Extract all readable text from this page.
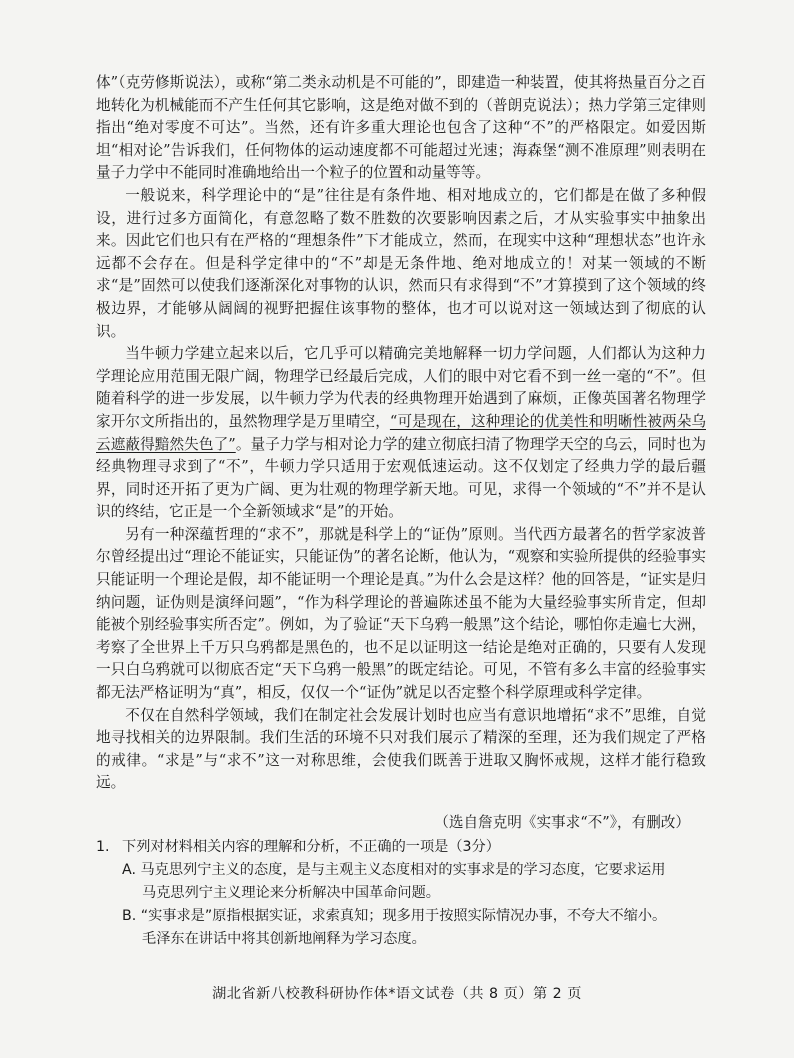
体”（克劳修斯说法），或称“第二类永动机是不可能的”，即建造一种装置，使其将热量百分之百地转化为机械能而不产生任何其它影响，这是绝对做不到的（普朗克说法）；热力学第三定律则指出“绝对零度不可达”。当然，还有许多重大理论也包含了这种“不”的严格限定。如爱因斯坦“相对论”告诉我们，任何物体的运动速度都不可能超过光速；海森堡“测不准原理”则表明在量子力学中不能同时准确地给出一个粒子的位置和动量等等。

一般说来，科学理论中的“是”往往是有条件地、相对地成立的，它们都是在做了多种假设，进行过多方面简化，有意忽略了数不胜数的次要影响因素之后，才从实验事实中抽象出来。因此它们也只有在严格的“理想条件”下才能成立，然而，在现实中这种“理想状态”也许永远都不会存在。但是科学定律中的“不”却是无条件地、绝对地成立的！对某一领域的不断求“是”固然可以使我们逐渐深化对事物的认识，然而只有求得到“不”才算摸到了这个领域的终极边界，才能够从阔阔的视野把握住该事物的整体，也才可以说对这一领域达到了彻底的认识。

当牛顿力学建立起来以后，它几乎可以精确完美地解释一切力学问题，人们都认为这种力学理论应用范围无限广阔，物理学已经最后完成，人们的眼中对它看不到一丝一毫的“不”。但随着科学的进一步发展，以牛顿力学为代表的经典物理开始遇到了麻烦，正像英国著名物理学家开尔文所指出的，虽然物理学是万里晴空，“可是现在，这种理论的优美性和明晰性被两朵乌云遮蔽得黯然失色了”。量子力学与相对论力学的建立彻底扫清了物理学天空的乌云，同时也为经典物理寻求到了“不”，牛顿力学只适用于宏观低速运动。这不仅划定了经典力学的最后疆界，同时还开拓了更为广阔、更为壮观的物理学新天地。可见，求得一个领域的“不”并不是认识的终结，它正是一个全新领域求“是”的开始。

另有一种深蕴哲理的“求不”，那就是科学上的“证伪”原则。当代西方最著名的哲学家波普尔曾经提出过“理论不能证实，只能证伪”的著名论断，他认为，“观察和实验所提供的经验事实只能证明一个理论是假，却不能证明一个理论是真。”为什么会是这样？他的回答是，“证实是归纳问题，证伪则是演绎问题”，“作为科学理论的普遍陈述虽不能为大量经验事实所肯定，但却能被个别经验事实所否定”。例如，为了验证“天下乌鸦一般黑”这个结论，哪怕你走遍七大洲，考察了全世界上千万只乌鸦都是黑色的，也不足以证明这一结论是绝对正确的，只要有人发现一只白乌鸦就可以彻底否定“天下乌鸦一般黑”的既定结论。可见，不管有多么丰富的经验事实都无法严格证明为“真”，相反，仅仅一个“证伪”就足以否定整个科学原理或科学定律。

不仅在自然科学领域，我们在制定社会发展计划时也应当有意识地增拓“求不”思维，自觉地寻找相关的边界限制。我们生活的环境不只对我们展示了精深的至理，还为我们规定了严格的戒律。“求是”与“求不”这一对称思维，会使我们既善于进取又胸怀戒规，这样才能行稳致远。

（选自詹克明《实事求“不”》，有删改）
1. 下列对材料相关内容的理解和分析，不正确的一项是（3分）
A. 马克思列宁主义的态度，是与主观主义态度相对的实事求是的学习态度，它要求运用
马克思列宁主义理论来分析解决中国革命问题。
B. “实事求是”原指根据实证，求索真知；现多用于按照实际情况办事，不夸大不缩小。
毛泽东在讲话中将其创新地阐释为学习态度。
湖北省新八校教科研协作体*语文试卷（共 8 页）第 2 页
